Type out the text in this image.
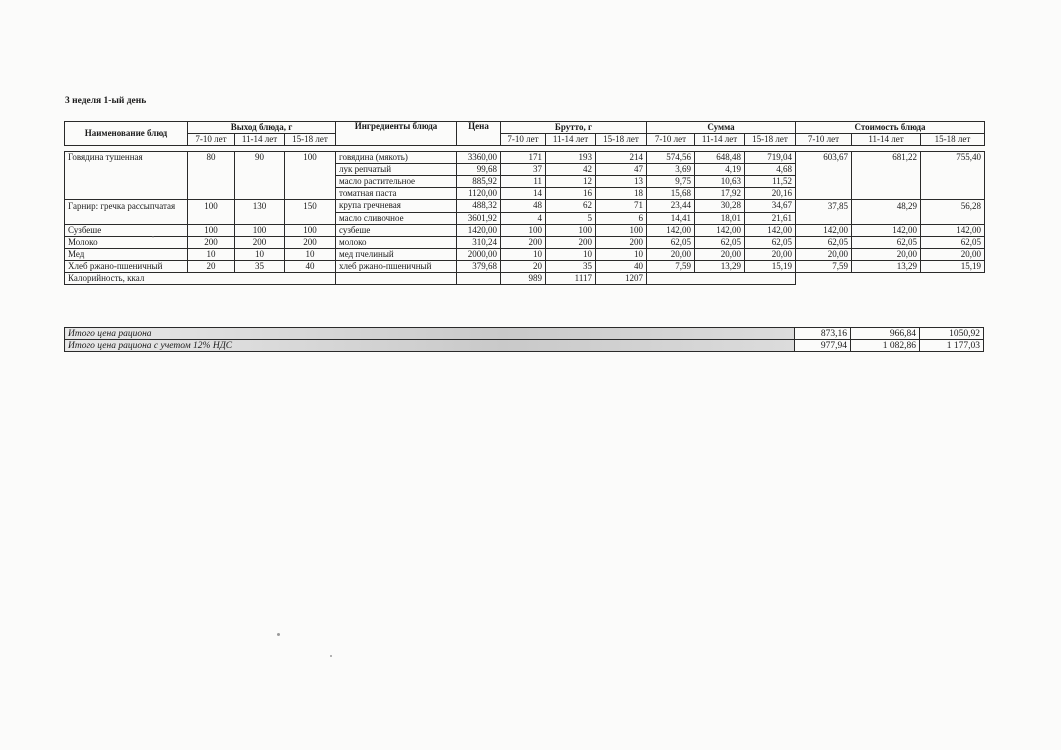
3 неделя 1-ый день
Наименование блюд	Выход блюда, г			Ингредиенты блюда	Цена	Брутто, г			Сумма			Стоимость блюда		
	7-10 лет	11-14 лет	15-18 лет			7-10 лет	11-14 лет	15-18 лет	7-10 лет	11-14 лет	15-18 лет	7-10 лет	11-14 лет	15-18 лет

Говядина тушенная	80	90	100	говядина (мякоть)	3360,00	171	193	214	574,56	648,48	719,04	603,67	681,22	755,40
				лук репчатый	99,68	37	42	47	3,69	4,19	4,68			
				масло растительное	885,92	11	12	13	9,75	10,63	11,52			
				томатная паста	1120,00	14	16	18	15,68	17,92	20,16			
Гарнир: гречка рассыпчатая	100	130	150	крупа гречневая	488,32	48	62	71	23,44	30,28	34,67	37,85	48,29	56,28
				масло сливочное	3601,92	4	5	6	14,41	18,01	21,61			
Сузбеше	100	100	100	сузбеше	1420,00	100	100	100	142,00	142,00	142,00	142,00	142,00	142,00
Молоко	200	200	200	молоко	310,24	200	200	200	62,05	62,05	62,05	62,05	62,05	62,05
Мед	10	10	10	мед пчелиный	2000,00	10	10	10	20,00	20,00	20,00	20,00	20,00	20,00
Хлеб ржано-пшеничный	20	35	40	хлеб ржано-пшеничный	379,68	20	35	40	7,59	13,29	15,19	7,59	13,29	15,19
Калорийность, ккал						989	1117	1207						
Итого цена рациона	873,16	966,84	1050,92
Итого цена рациона с учетом 12% НДС	977,94	1 082,86	1 177,03
